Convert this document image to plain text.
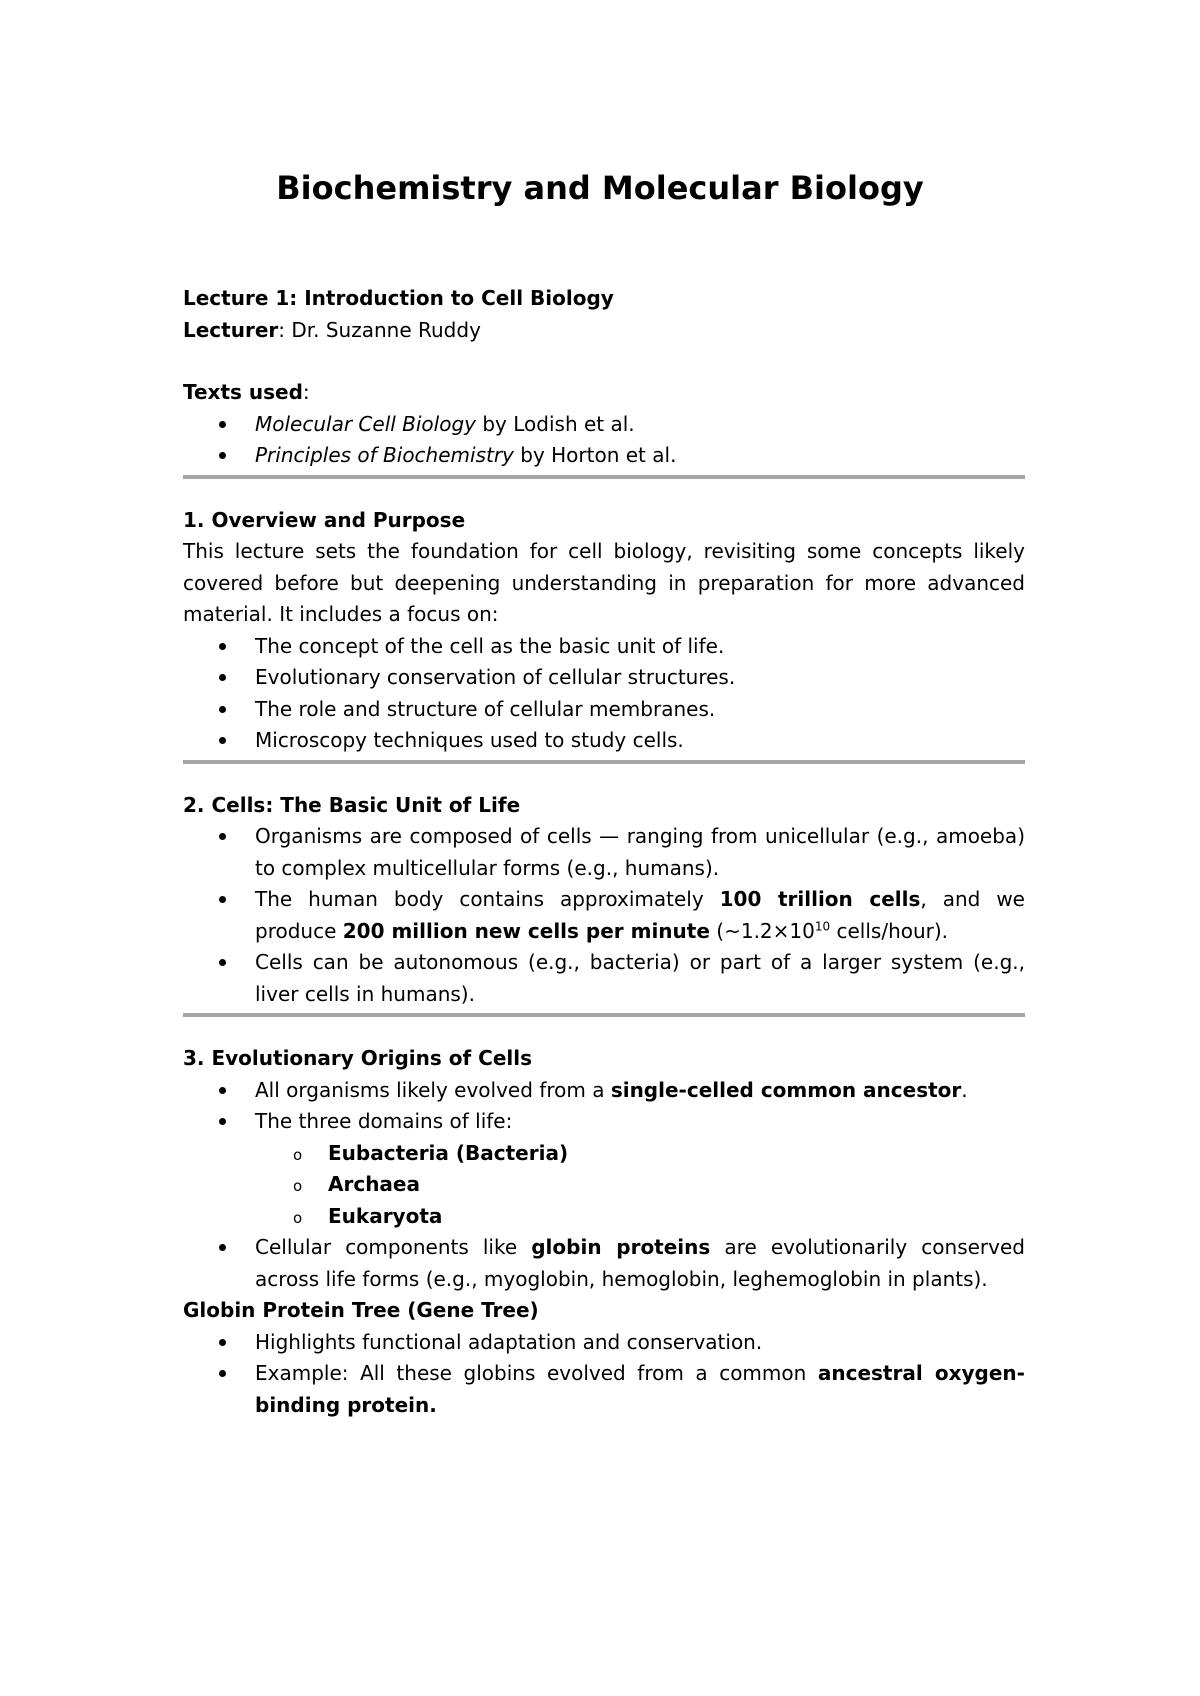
Biochemistry and Molecular Biology

Lecture 1: Introduction to Cell Biology

Lecturer: Dr. Suzanne Ruddy

Texts used:

Molecular Cell Biology by Lodish et al.
Principles of Biochemistry by Horton et al.

1. Overview and Purpose

This lecture sets the foundation for cell biology, revisiting some concepts likely covered before but deepening understanding in preparation for more advanced material. It includes a focus on:

The concept of the cell as the basic unit of life.
Evolutionary conservation of cellular structures.
The role and structure of cellular membranes.
Microscopy techniques used to study cells.

2. Cells: The Basic Unit of Life

Organisms are composed of cells — ranging from unicellular (e.g., amoeba) to complex multicellular forms (e.g., humans).
The human body contains approximately 100 trillion cells, and we produce 200 million new cells per minute ($\sim 1.2\times 10^{10}$ cells/hour).
Cells can be autonomous (e.g., bacteria) or part of a larger system (e.g., liver cells in humans).

3. Evolutionary Origins of Cells

All organisms likely evolved from a single-celled common ancestor.
The three domains of life:
o Eubacteria (Bacteria)
o Archaea
o Eukaryota
Cellular components like globin proteins are evolutionarily conserved across life forms (e.g., myoglobin, hemoglobin, leghemoglobin in plants).

Globin Protein Tree (Gene Tree)

Highlights functional adaptation and conservation.
Example: All these globins evolved from a common ancestral oxygen-binding protein.
